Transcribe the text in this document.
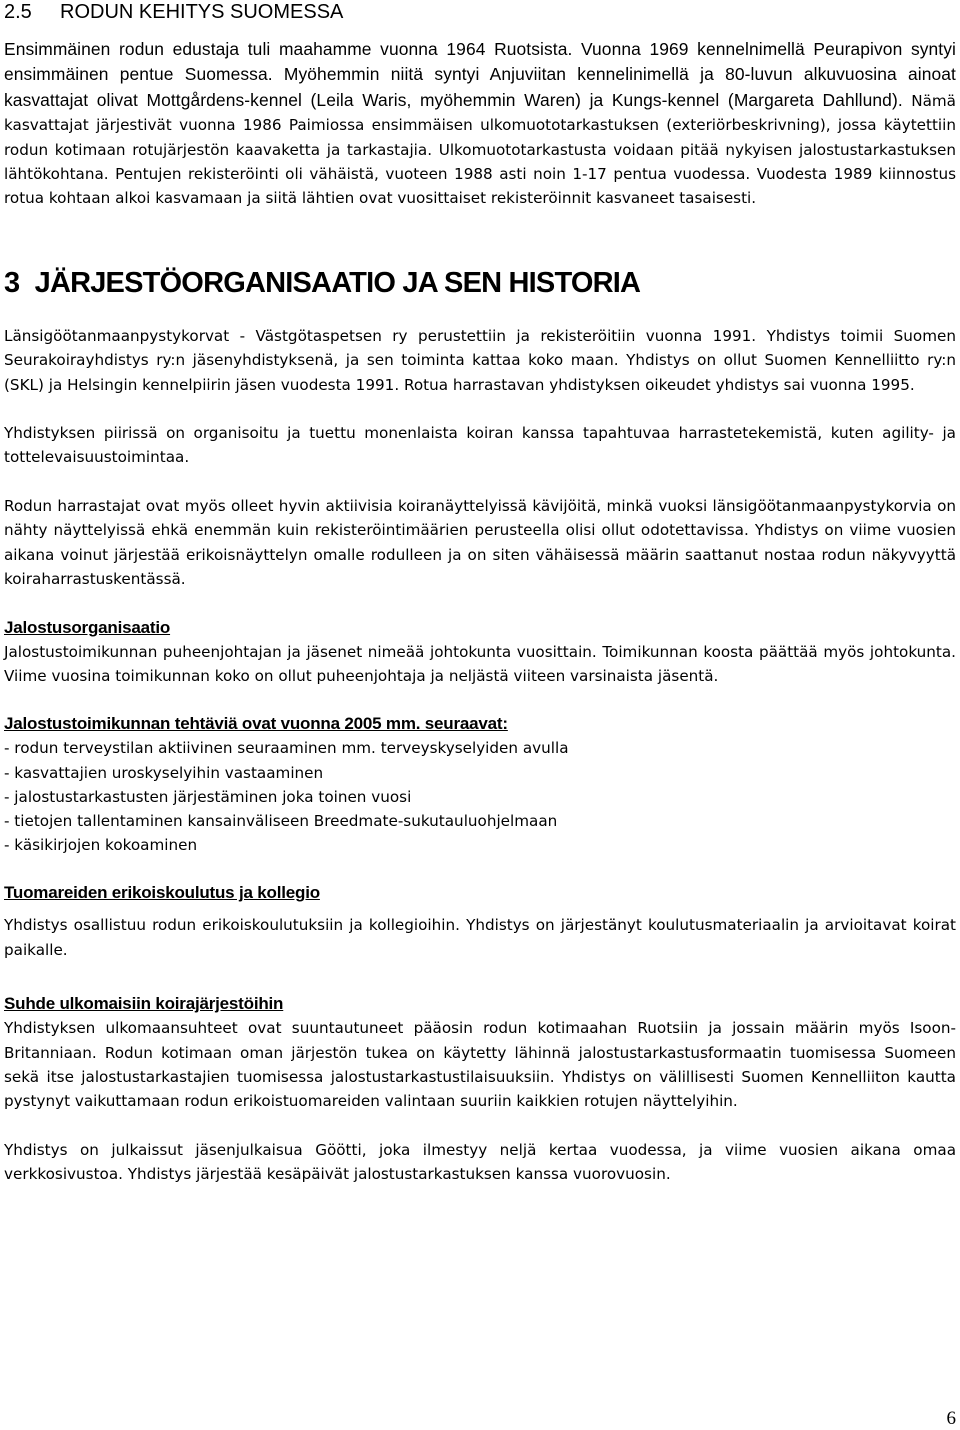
2.5 RODUN KEHITYS SUOMESSA

Ensimmäinen rodun edustaja tuli maahamme vuonna 1964 Ruotsista. Vuonna 1969 kennelnimellä Peurapivon syntyi ensimmäinen pentue Suomessa. Myöhemmin niitä syntyi Anjuviitan kennelinimellä ja 80-luvun alkuvuosina ainoat kasvattajat olivat Mottgårdens-kennel (Leila Waris, myöhemmin Waren) ja Kungs-kennel (Margareta Dahllund). Nämä kasvattajat järjestivät vuonna 1986 Paimiossa ensimmäisen ulkomuototarkastuksen (exteriörbeskrivning), jossa käytettiin rodun kotimaan rotujärjestön kaavaketta ja tarkastajia. Ulkomuototarkastusta voidaan pitää nykyisen jalostustarkastuksen lähtökohtana. Pentujen rekisteröinti oli vähäistä, vuoteen 1988 asti noin 1-17 pentua vuodessa. Vuodesta 1989 kiinnostus rotua kohtaan alkoi kasvamaan ja siitä lähtien ovat vuosittaiset rekisteröinnit kasvaneet tasaisesti.

3 JÄRJESTÖORGANISAATIO JA SEN HISTORIA

Länsigöötanmaanpystykorvat - Västgötaspetsen ry perustettiin ja rekisteröitiin vuonna 1991. Yhdistys toimii Suomen Seurakoirayhdistys ry:n jäsenyhdistyksenä, ja sen toiminta kattaa koko maan. Yhdistys on ollut Suomen Kennelliitto ry:n (SKL) ja Helsingin kennelpiirin jäsen vuodesta 1991. Rotua harrastavan yhdistyksen oikeudet yhdistys sai vuonna 1995.

Yhdistyksen piirissä on organisoitu ja tuettu monenlaista koiran kanssa tapahtuvaa harrastetekemistä, kuten agility- ja tottelevaisuustoimintaa.

Rodun harrastajat ovat myös olleet hyvin aktiivisia koiranäyttelyissä kävijöitä, minkä vuoksi länsigöötanmaanpystykorvia on nähty näyttelyissä ehkä enemmän kuin rekisteröintimäärien perusteella olisi ollut odotettavissa. Yhdistys on viime vuosien aikana voinut järjestää erikoisnäyttelyn omalle rodulleen ja on siten vähäisessä määrin saattanut nostaa rodun näkyvyyttä koiraharrastuskentässä.

Jalostusorganisaatio

Jalostustoimikunnan puheenjohtajan ja jäsenet nimeää johtokunta vuosittain. Toimikunnan koosta päättää myös johtokunta. Viime vuosina toimikunnan koko on ollut puheenjohtaja ja neljästä viiteen varsinaista jäsentä.

Jalostustoimikunnan tehtäviä ovat vuonna 2005 mm. seuraavat:
- rodun terveystilan aktiivinen seuraaminen mm. terveyskyselyiden avulla
- kasvattajien uroskyselyihin vastaaminen
- jalostustarkastusten järjestäminen joka toinen vuosi
- tietojen tallentaminen kansainväliseen Breedmate-sukutauluohjelmaan
- käsikirjojen kokoaminen
Tuomareiden erikoiskoulutus ja kollegio

Yhdistys osallistuu rodun erikoiskoulutuksiin ja kollegioihin. Yhdistys on järjestänyt koulutusmateriaalin ja arvioitavat koirat paikalle.

Suhde ulkomaisiin koirajärjestöihin

Yhdistyksen ulkomaansuhteet ovat suuntautuneet pääosin rodun kotimaahan Ruotsiin ja jossain määrin myös Isoon-Britanniaan. Rodun kotimaan oman järjestön tukea on käytetty lähinnä jalostustarkastusformaatin tuomisessa Suomeen sekä itse jalostustarkastajien tuomisessa jalostustarkastustilaisuuksiin. Yhdistys on välillisesti Suomen Kennelliiton kautta pystynyt vaikuttamaan rodun erikoistuomareiden valintaan suuriin kaikkien rotujen näyttelyihin.

Yhdistys on julkaissut jäsenjulkaisua Göötti, joka ilmestyy neljä kertaa vuodessa, ja viime vuosien aikana omaa verkkosivustoa. Yhdistys järjestää kesäpäivät jalostustarkastuksen kanssa vuorovuosin.

6
